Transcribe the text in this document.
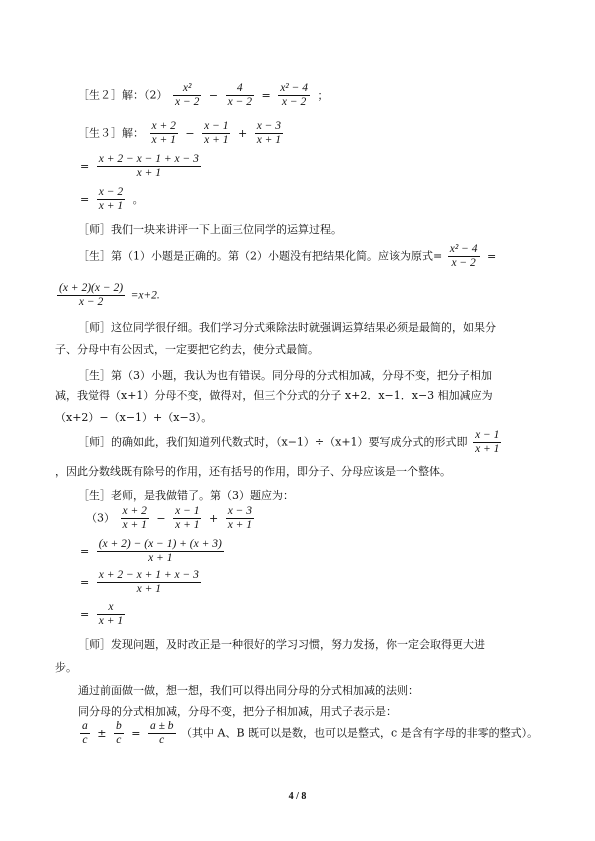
［生２］解：$(2) \frac{\text{x²}}{x - 2} - \frac{4}{x - 2} = \frac{\text{x² − 4}}{x - 2}$ ；
［生３］解： $\frac{x + 2}{x + 1} - \frac{x - 1}{x + 1} + \frac{x - 3}{x + 1}$
= $\frac{x + 2 - x - 1 + x - 3}{x + 1}$
= $\frac{x - 2}{x + 1}$ 。
［师］我们一块来讲评一下上面三位同学的运算过程。
［生］第（1）小题是正确的。第（2）小题没有把结果化简。应该为原式= $\frac{\text{x² − 4}}{x - 2}$ =
$\frac{(x + 2)(x - 2)}{x - 2} =x+2$.
［师］这位同学很仔细。我们学习分式乘除法时就强调运算结果必须是最简的，如果分
子、分母中有公因式，一定要把它约去，使分式最简。
［生］第（3）小题，我认为也有错误。同分母的分式相加减，分母不变，把分子相加
减，我觉得（x+1）分母不变，做得对，但三个分式的分子 x+2．x−1．x−3 相加减应为
（x+2）−（x−1）+（x−3）。
［师］的确如此，我们知道列代数式时，（x−1）÷（x+1）要写成分式的形式即 $\frac{x - 1}{x + 1}$
，因此分数线既有除号的作用，还有括号的作用，即分子、分母应该是一个整体。
［生］老师，是我做错了。第（3）题应为：
$(3) \frac{x + 2}{x + 1} - \frac{x - 1}{x + 1} + \frac{x - 3}{x + 1}$
= $\frac{(x + 2) - (x - 1) + (x + 3)}{x + 1}$
= $\frac{x + 2 - x + 1 + x - 3}{x + 1}$
= $\frac{x}{x + 1}$
［师］发现问题，及时改正是一种很好的学习习惯，努力发扬，你一定会取得更大进
步。
通过前面做一做，想一想，我们可以得出同分母的分式相加减的法则：
同分母的分式相加减，分母不变，把分子相加减，用式子表示是：
$\frac{a}{c} \pm \frac{b}{c} = \frac{a \pm b}{c}$ （其中 A、B 既可以是数，也可以是整式，c 是含有字母的非零的整式）。
4 / 8
